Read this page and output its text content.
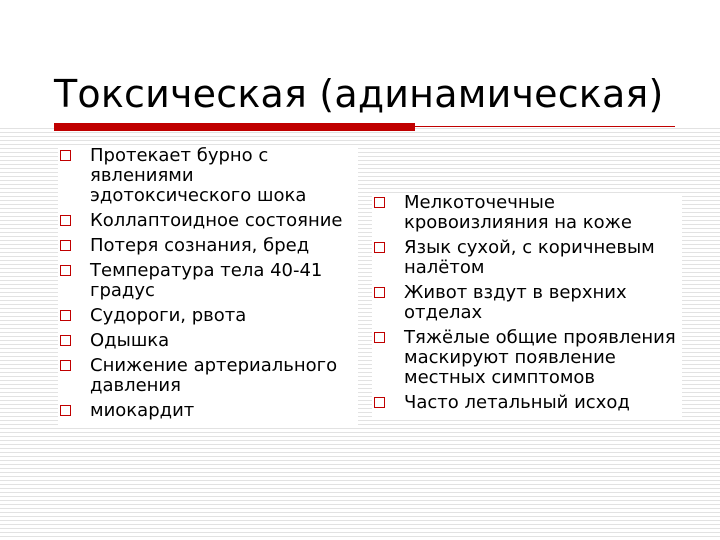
Токсическая (адинамическая)
Протекает бурно с явлениями эдотоксического шока
Коллаптоидное состояние
Потеря сознания, бред
Температура тела 40-41 градус
Судороги, рвота
Одышка
Снижение артериального давления
миокардит
Мелкоточечные кровоизлияния на коже
Язык сухой, с коричневым налётом
Живот вздут в верхних отделах
Тяжёлые общие проявления маскируют появление местных симптомов
Часто летальный исход
